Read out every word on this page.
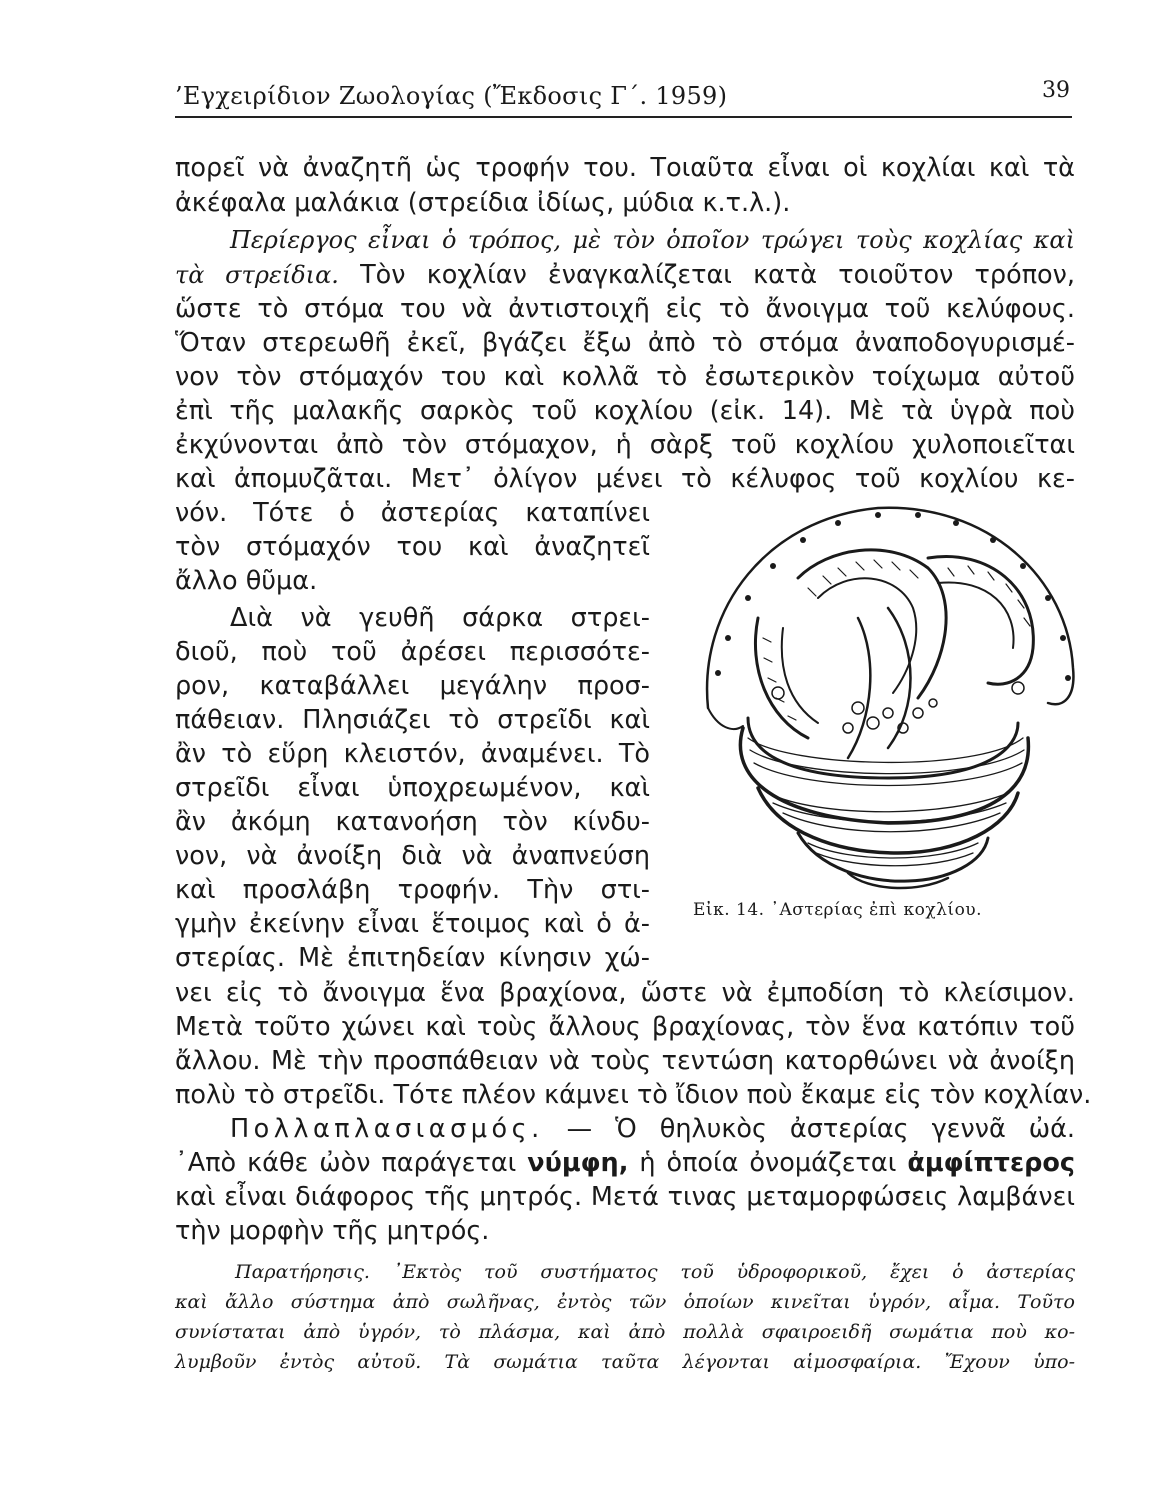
’Εγχειρίδιον Ζωολογίας (Ἔκδοσις Γ΄. 1959)	39
πορεῖ νὰ ἀναζητῆ ὡς τροφήν του. Τοιαῦτα εἶναι οἱ κοχλίαι καὶ τὰ
ἀκέφαλα μαλάκια (στρείδια ἰδίως, μύδια κ.τ.λ.).
Περίεργος εἶναι ὁ τρόπος, μὲ τὸν ὁποῖον τρώγει τοὺς κοχλίας καὶ
τὰ στρείδια. Τὸν κοχλίαν ἐναγκαλίζεται κατὰ τοιοῦτον τρόπον,
ὥστε τὸ στόμα του νὰ ἀντιστοιχῆ εἰς τὸ ἄνοιγμα τοῦ κελύφους.
Ὅταν στερεωθῆ ἐκεῖ, βγάζει ἔξω ἀπὸ τὸ στόμα ἀναποδογυρισμέ-
νον τὸν στόμαχόν του καὶ κολλᾶ τὸ ἐσωτερικὸν τοίχωμα αὐτοῦ
ἐπὶ τῆς μαλακῆς σαρκὸς τοῦ κοχλίου (εἰκ. 14). Μὲ τὰ ὑγρὰ ποὺ
ἐκχύνονται ἀπὸ τὸν στόμαχον, ἡ σὰρξ τοῦ κοχλίου χυλοποιεῖται
καὶ ἀπομυζᾶται. Μετ᾽ ὀλίγον μένει τὸ κέλυφος τοῦ κοχλίου κε-
νόν. Τότε ὁ ἀστερίας καταπίνει
τὸν στόμαχόν του καὶ ἀναζητεῖ
ἄλλο θῦμα.
Διὰ νὰ γευθῆ σάρκα στρει-
διοῦ, ποὺ τοῦ ἀρέσει περισσότε-
ρον, καταβάλλει μεγάλην προσ-
πάθειαν. Πλησιάζει τὸ στρεῖδι καὶ
ἂν τὸ εὕρη κλειστόν, ἀναμένει. Τὸ
στρεῖδι εἶναι ὑποχρεωμένον, καὶ
ἂν ἀκόμη κατανοήση τὸν κίνδυ-
νον, νὰ ἀνοίξη διὰ νὰ ἀναπνεύση
καὶ προσλάβη τροφήν. Τὴν στι-
γμὴν ἐκείνην εἶναι ἕτοιμος καὶ ὁ ἀ-
στερίας. Μὲ ἐπιτηδείαν κίνησιν χώ-
Εἰκ. 14. ᾽Αστερίας ἐπὶ κοχλίου.
νει εἰς τὸ ἄνοιγμα ἕνα βραχίονα, ὥστε νὰ ἐμποδίση τὸ κλείσιμον.
Μετὰ τοῦτο χώνει καὶ τοὺς ἄλλους βραχίονας, τὸν ἕνα κατόπιν τοῦ
ἄλλου. Μὲ τὴν προσπάθειαν νὰ τοὺς τεντώση κατορθώνει νὰ ἀνοίξη
πολὺ τὸ στρεῖδι. Τότε πλέον κάμνει τὸ ἴδιον ποὺ ἔκαμε εἰς τὸν κοχλίαν.
Πολλαπλασιασμός. — Ὁ θηλυκὸς ἀστερίας γεννᾶ ὠά.
᾽Απὸ κάθε ὠὸν παράγεται νύμφη, ἡ ὁποία ὀνομάζεται ἀμφίπτερος
καὶ εἶναι διάφορος τῆς μητρός. Μετά τινας μεταμορφώσεις λαμβάνει
τὴν μορφὴν τῆς μητρός.
Παρατήρησις. ᾽Εκτὸς τοῦ συστήματος τοῦ ὑδροφορικοῦ, ἔχει ὁ ἀστερίας
καὶ ἄλλο σύστημα ἀπὸ σωλῆνας, ἐντὸς τῶν ὁποίων κινεῖται ὑγρόν, αἷμα. Τοῦτο
συνίσταται ἀπὸ ὑγρόν, τὸ πλάσμα, καὶ ἀπὸ πολλὰ σφαιροειδῆ σωμάτια ποὺ κο-
λυμβοῦν ἐντὸς αὐτοῦ. Τὰ σωμάτια ταῦτα λέγονται αἱμοσφαίρια. Ἔχουν ὑπο-
